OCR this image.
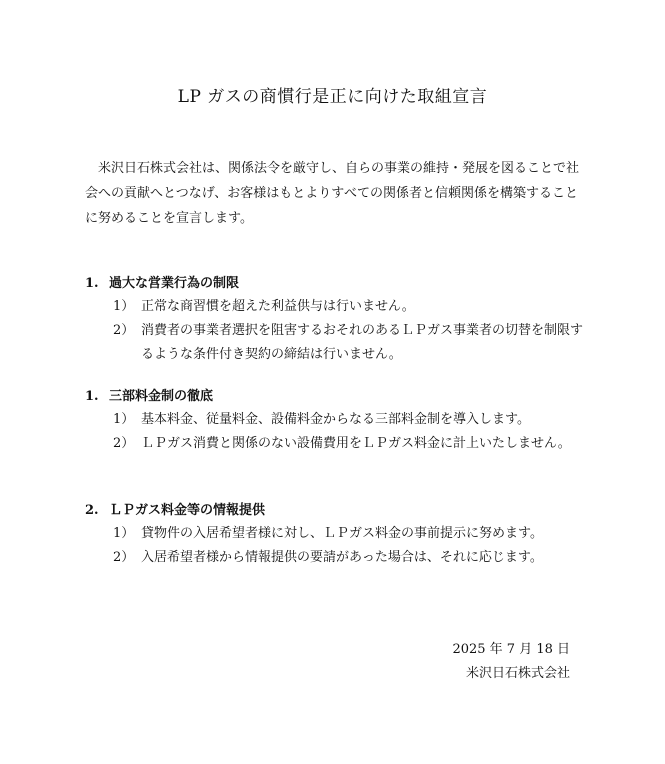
LP ガスの商慣行是正に向けた取組宣言
米沢日石株式会社は、関係法令を厳守し、自らの事業の維持・発展を図ることで社会への貢献へとつなげ、お客様はもとよりすべての関係者と信頼関係を構築することに努めることを宣言します。
1. 過大な営業行為の制限
1） 正常な商習慣を超えた利益供与は行いません。
2） 消費者の事業者選択を阻害するおそれのあるＬＰガス事業者の切替を制限するような条件付き契約の締結は行いません。
1. 三部料金制の徹底
1） 基本料金、従量料金、設備料金からなる三部料金制を導入します。
2） ＬＰガス消費と関係のない設備費用をＬＰガス料金に計上いたしません。
2. ＬＰガス料金等の情報提供
1） 貸物件の入居希望者様に対し、ＬＰガス料金の事前提示に努めます。
2） 入居希望者様から情報提供の要請があった場合は、それに応じます。
2025 年 7 月 18 日
米沢日石株式会社
